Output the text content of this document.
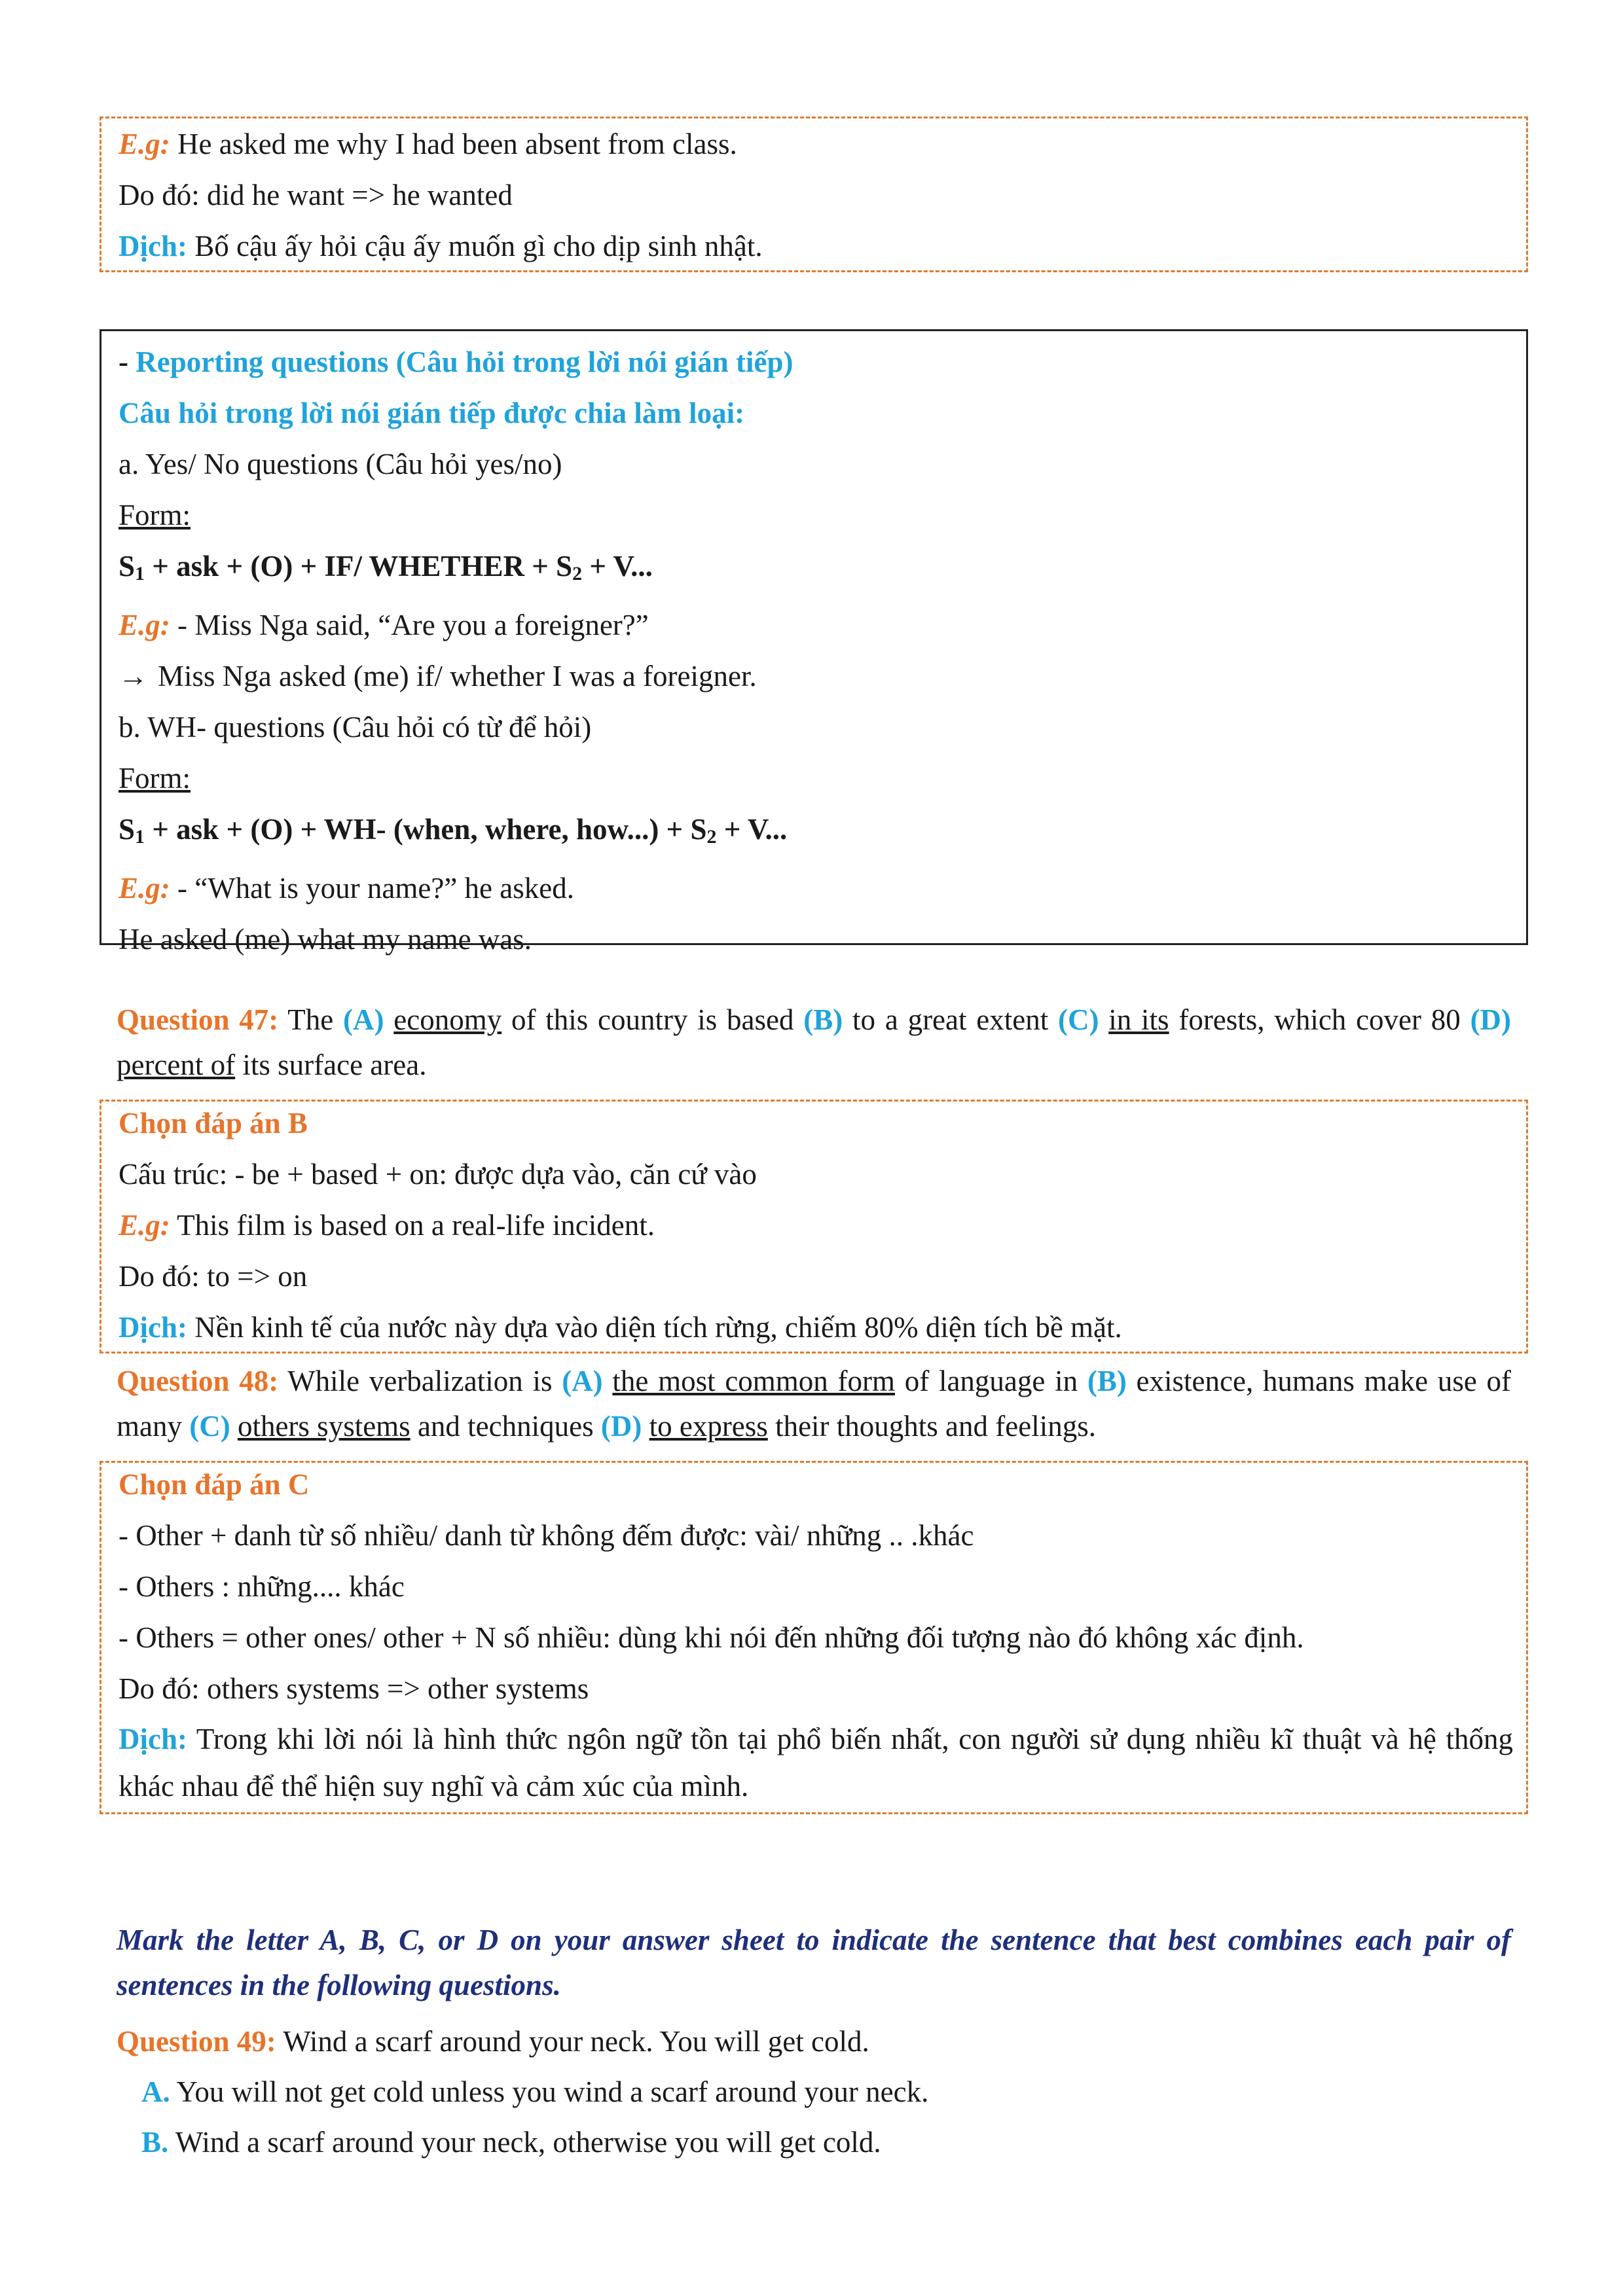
E.g: He asked me why I had been absent from class.
Do đó: did he want => he wanted
Dịch: Bố cậu ấy hỏi cậu ấy muốn gì cho dịp sinh nhật.
- Reporting questions (Câu hỏi trong lời nói gián tiếp)
Câu hỏi trong lời nói gián tiếp được chia làm loại:
a. Yes/ No questions (Câu hỏi yes/no)
Form:
$S_1$ + ask + (O) + IF/ WHETHER + $S_2 + V$...
E.g: - Miss Nga said, “Are you a foreigner?”
→ Miss Nga asked (me) if/ whether I was a foreigner.
b. WH- questions (Câu hỏi có từ để hỏi)
Form:
$S_1$ + ask + (O) + WH- (when, where, $how...) + S_2 + V$...
E.g: - “What is your name?” he asked.
He asked (me) what my name was.
Question 47: The (A) economy of this country is based (B) to a great extent (C) in its forests, which cover 80 (D) percent of its surface area.
Chọn đáp án B
Cấu trúc: - be + based + on: được dựa vào, căn cứ vào
E.g: This film is based on a real-life incident.
Do đó: to => on
Dịch: Nền kinh tế của nước này dựa vào diện tích rừng, chiếm 80% diện tích bề mặt.
Question 48: While verbalization is (A) the most common form of language in (B) existence, humans make use of many (C) others systems and techniques (D) to express their thoughts and feelings.
Chọn đáp án C
- Other + danh từ số nhiều/ danh từ không đếm được: vài/ những .. .khác
- Others : những.... khác
- Others = other ones/ other + N số nhiều: dùng khi nói đến những đối tượng nào đó không xác định.
Do đó: others systems => other systems
Dịch: Trong khi lời nói là hình thức ngôn ngữ tồn tại phổ biến nhất, con người sử dụng nhiều kĩ thuật và hệ thống khác nhau để thể hiện suy nghĩ và cảm xúc của mình.
Mark the letter A, B, C, or D on your answer sheet to indicate the sentence that best combines each pair of sentences in the following questions.
Question 49: Wind a scarf around your neck. You will get cold.
A. You will not get cold unless you wind a scarf around your neck.
B. Wind a scarf around your neck, otherwise you will get cold.
